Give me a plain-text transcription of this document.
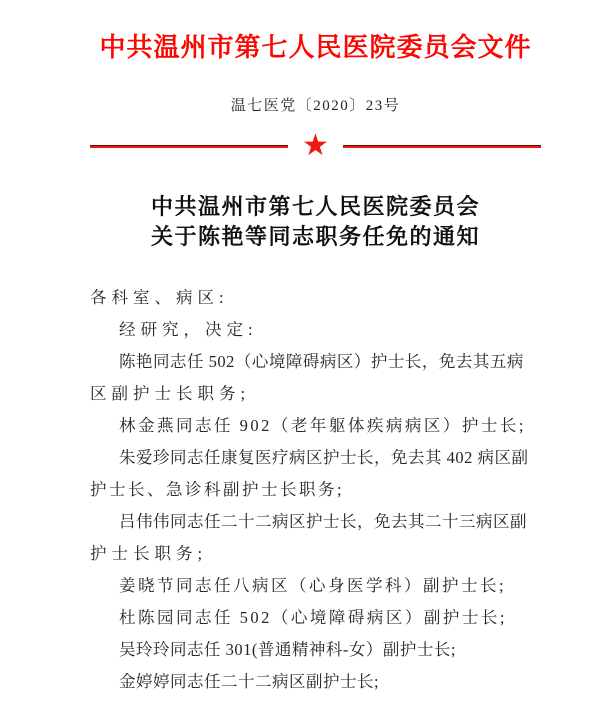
中共温州市第七人民医院委员会文件
温七医党〔2020〕23号
★
中共温州市第七人民医院委员会
关于陈艳等同志职务任免的通知
各科室、病区:
经研究，决定:
陈艳同志任 502（心境障碍病区）护士长，免去其五病
区副护士长职务;
林金燕同志任 902（老年躯体疾病病区）护士长;
朱爱珍同志任康复医疗病区护士长，免去其 402 病区副
护士长、急诊科副护士长职务;
吕伟伟同志任二十二病区护士长，免去其二十三病区副
护士长职务;
姜晓节同志任八病区（心身医学科）副护士长;
杜陈园同志任 502（心境障碍病区）副护士长;
吴玲玲同志任 301(普通精神科-女）副护士长;
金婷婷同志任二十二病区副护士长;
